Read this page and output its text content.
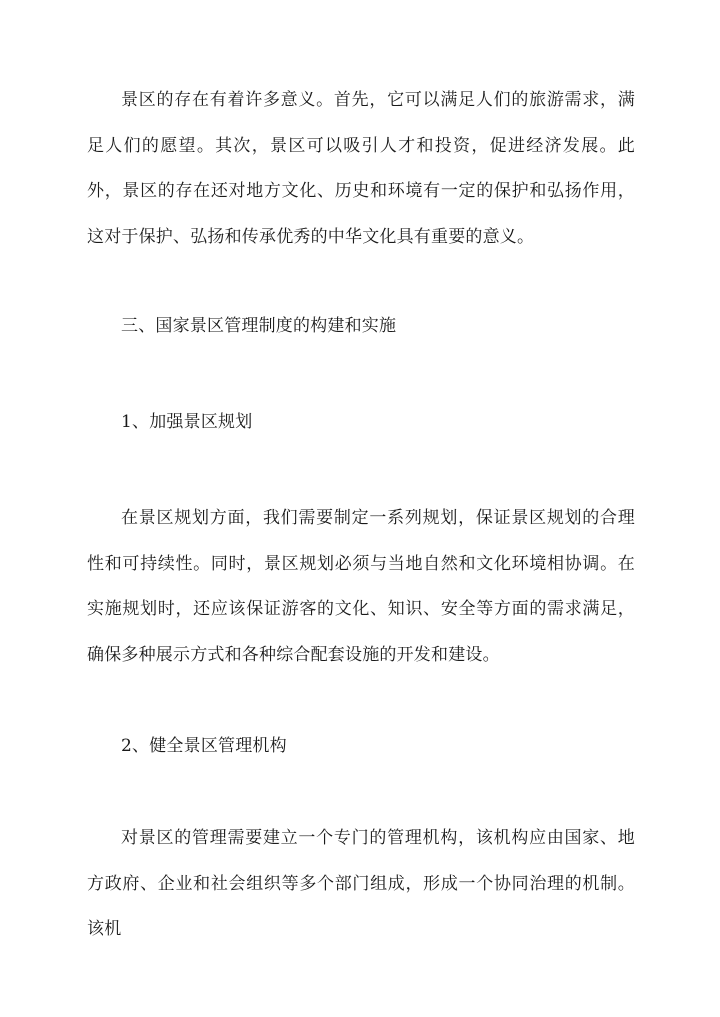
景区的存在有着许多意义。首先，它可以满足人们的旅游需求，满足人们的愿望。其次，景区可以吸引人才和投资，促进经济发展。此外，景区的存在还对地方文化、历史和环境有一定的保护和弘扬作用，这对于保护、弘扬和传承优秀的中华文化具有重要的意义。

三、国家景区管理制度的构建和实施
1、加强景区规划

在景区规划方面，我们需要制定一系列规划，保证景区规划的合理性和可持续性。同时，景区规划必须与当地自然和文化环境相协调。在实施规划时，还应该保证游客的文化、知识、安全等方面的需求满足，确保多种展示方式和各种综合配套设施的开发和建设。

2、健全景区管理机构

对景区的管理需要建立一个专门的管理机构，该机构应由国家、地方政府、企业和社会组织等多个部门组成，形成一个协同治理的机制。该机
